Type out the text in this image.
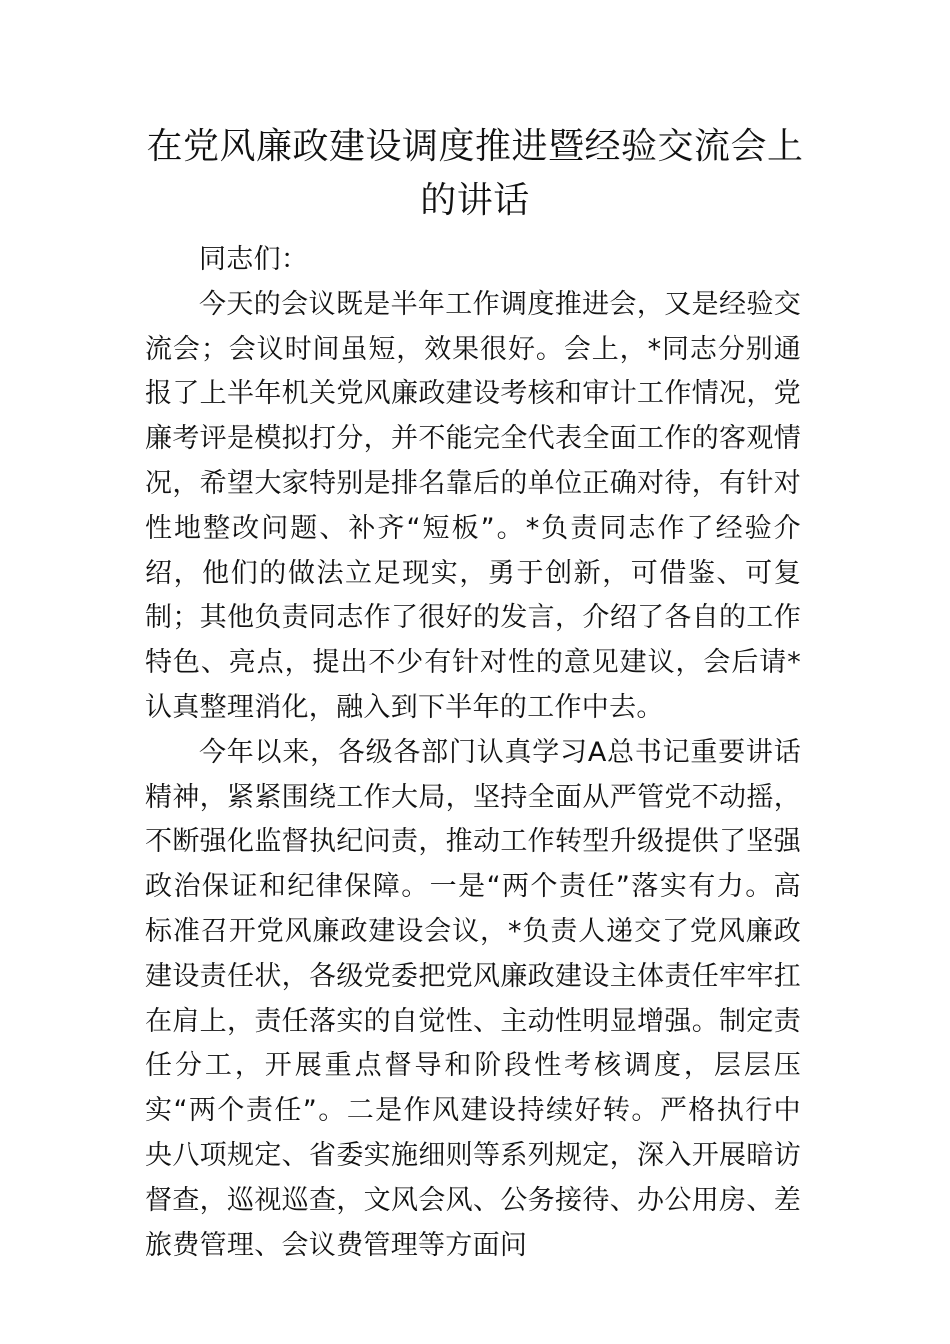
在党风廉政建设调度推进暨经验交流会上的讲话

同志们：

今天的会议既是半年工作调度推进会，又是经验交流会；会议时间虽短，效果很好。会上，*同志分别通报了上半年机关党风廉政建设考核和审计工作情况，党廉考评是模拟打分，并不能完全代表全面工作的客观情况，希望大家特别是排名靠后的单位正确对待，有针对性地整改问题、补齐“短板”。*负责同志作了经验介绍，他们的做法立足现实，勇于创新，可借鉴、可复制；其他负责同志作了很好的发言，介绍了各自的工作特色、亮点，提出不少有针对性的意见建议，会后请*认真整理消化，融入到下半年的工作中去。

今年以来，各级各部门认真学习A总书记重要讲话精神，紧紧围绕工作大局，坚持全面从严管党不动摇，不断强化监督执纪问责，推动工作转型升级提供了坚强政治保证和纪律保障。一是“两个责任”落实有力。高标准召开党风廉政建设会议，*负责人递交了党风廉政建设责任状，各级党委把党风廉政建设主体责任牢牢扛在肩上，责任落实的自觉性、主动性明显增强。制定责任分工，开展重点督导和阶段性考核调度，层层压实“两个责任”。二是作风建设持续好转。严格执行中央八项规定、省委实施细则等系列规定，深入开展暗访督查，巡视巡查，文风会风、公务接待、办公用房、差旅费管理、会议费管理等方面问
